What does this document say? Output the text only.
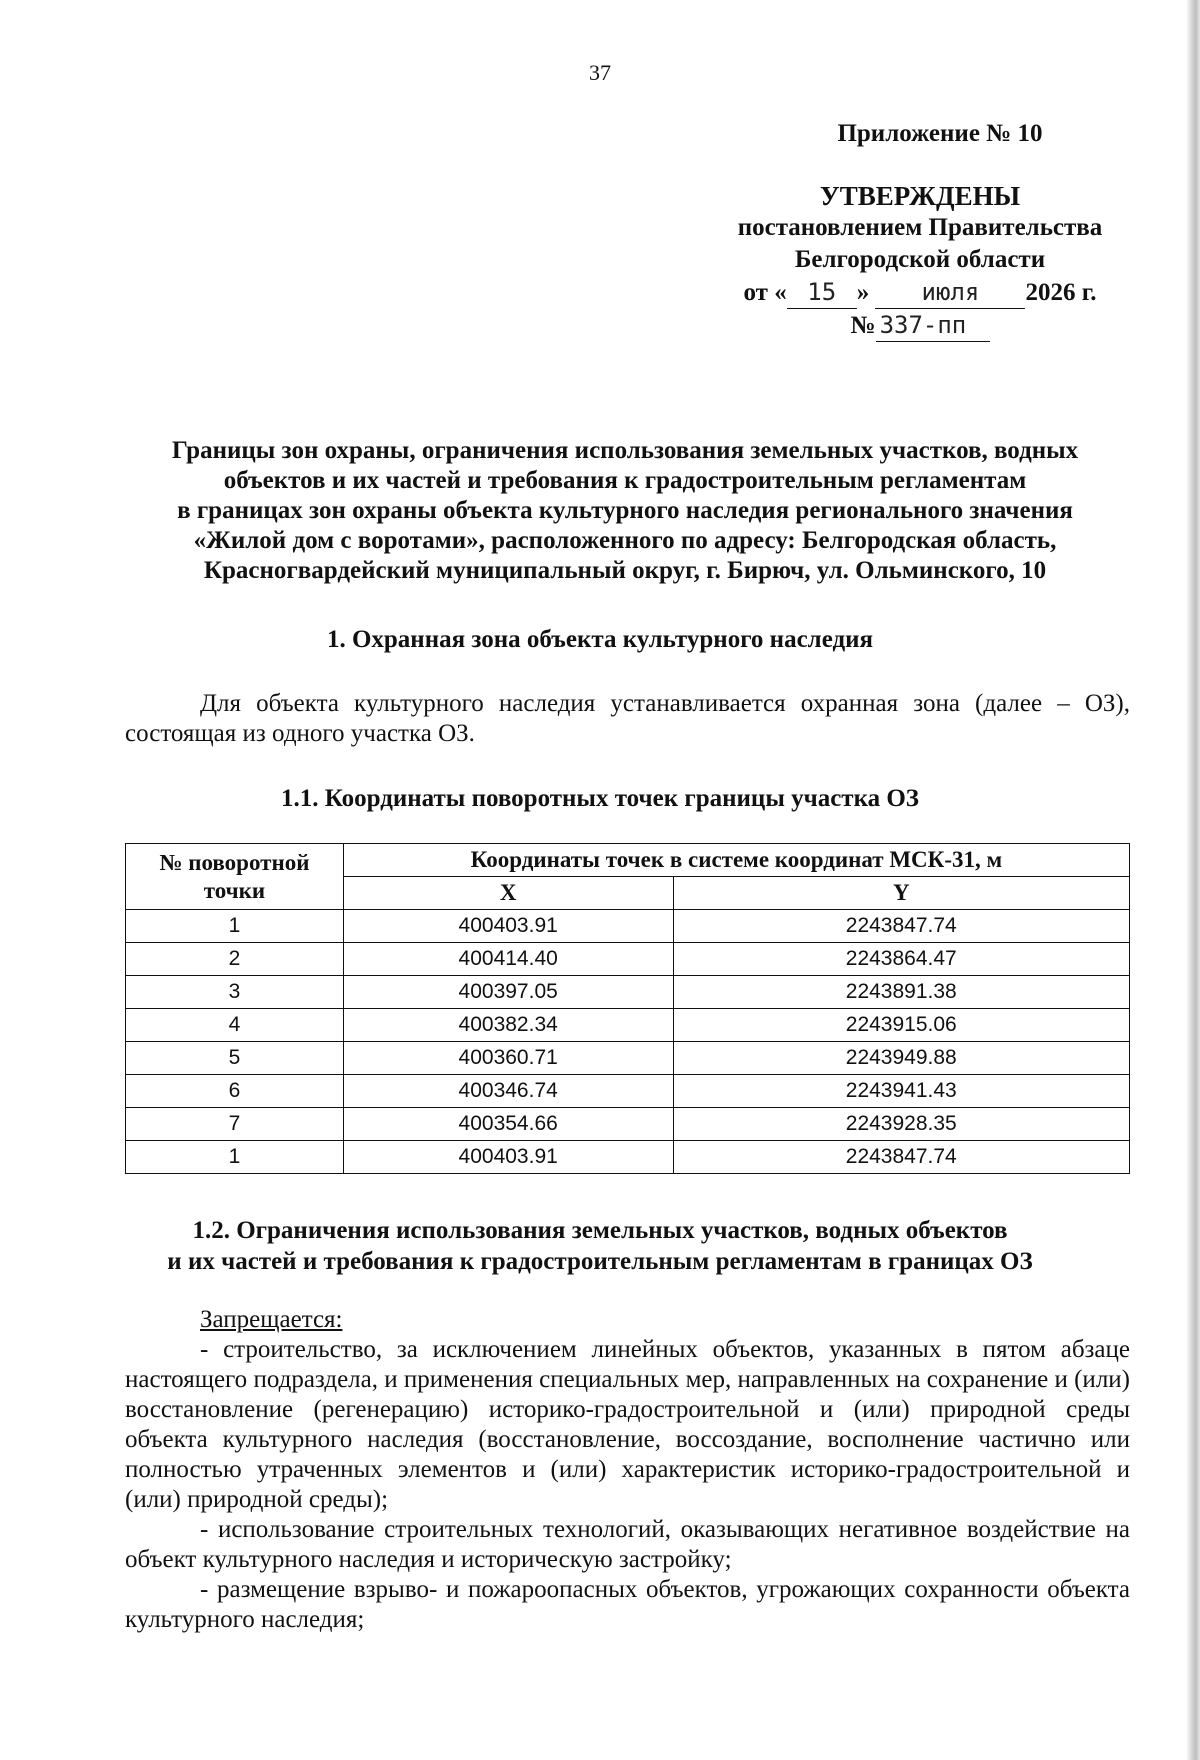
37
Приложение № 10
УТВЕРЖДЕНЫ
постановлением Правительства
Белгородской области
от « 15 » июля 2026 г.
№ 337-пп
Границы зон охраны, ограничения использования земельных участков, водных
объектов и их частей и требования к градостроительным регламентам
в границах зон охраны объекта культурного наследия регионального значения
«Жилой дом с воротами», расположенного по адресу: Белгородская область,
Красногвардейский муниципальный округ, г. Бирюч, ул. Ольминского, 10
1. Охранная зона объекта культурного наследия
Для объекта культурного наследия устанавливается охранная зона (далее – ОЗ), состоящая из одного участка ОЗ.
1.1. Координаты поворотных точек границы участка ОЗ
№ поворотной точки	Координаты точек в системе координат МСК-31, м	
	X	Y
1	400403.91	2243847.74
2	400414.40	2243864.47
3	400397.05	2243891.38
4	400382.34	2243915.06
5	400360.71	2243949.88
6	400346.74	2243941.43
7	400354.66	2243928.35
1	400403.91	2243847.74
1.2. Ограничения использования земельных участков, водных объектов
и их частей и требования к градостроительным регламентам в границах ОЗ
Запрещается:

- строительство, за исключением линейных объектов, указанных в пятом абзаце настоящего подраздела, и применения специальных мер, направленных на сохранение и (или) восстановление (регенерацию) историко-градостроительной и (или) природной среды объекта культурного наследия (восстановление, воссоздание, восполнение частично или полностью утраченных элементов и (или) характеристик историко-градостроительной и (или) природной среды);

- использование строительных технологий, оказывающих негативное воздействие на объект культурного наследия и историческую застройку;

- размещение взрыво- и пожароопасных объектов, угрожающих сохранности объекта культурного наследия;
